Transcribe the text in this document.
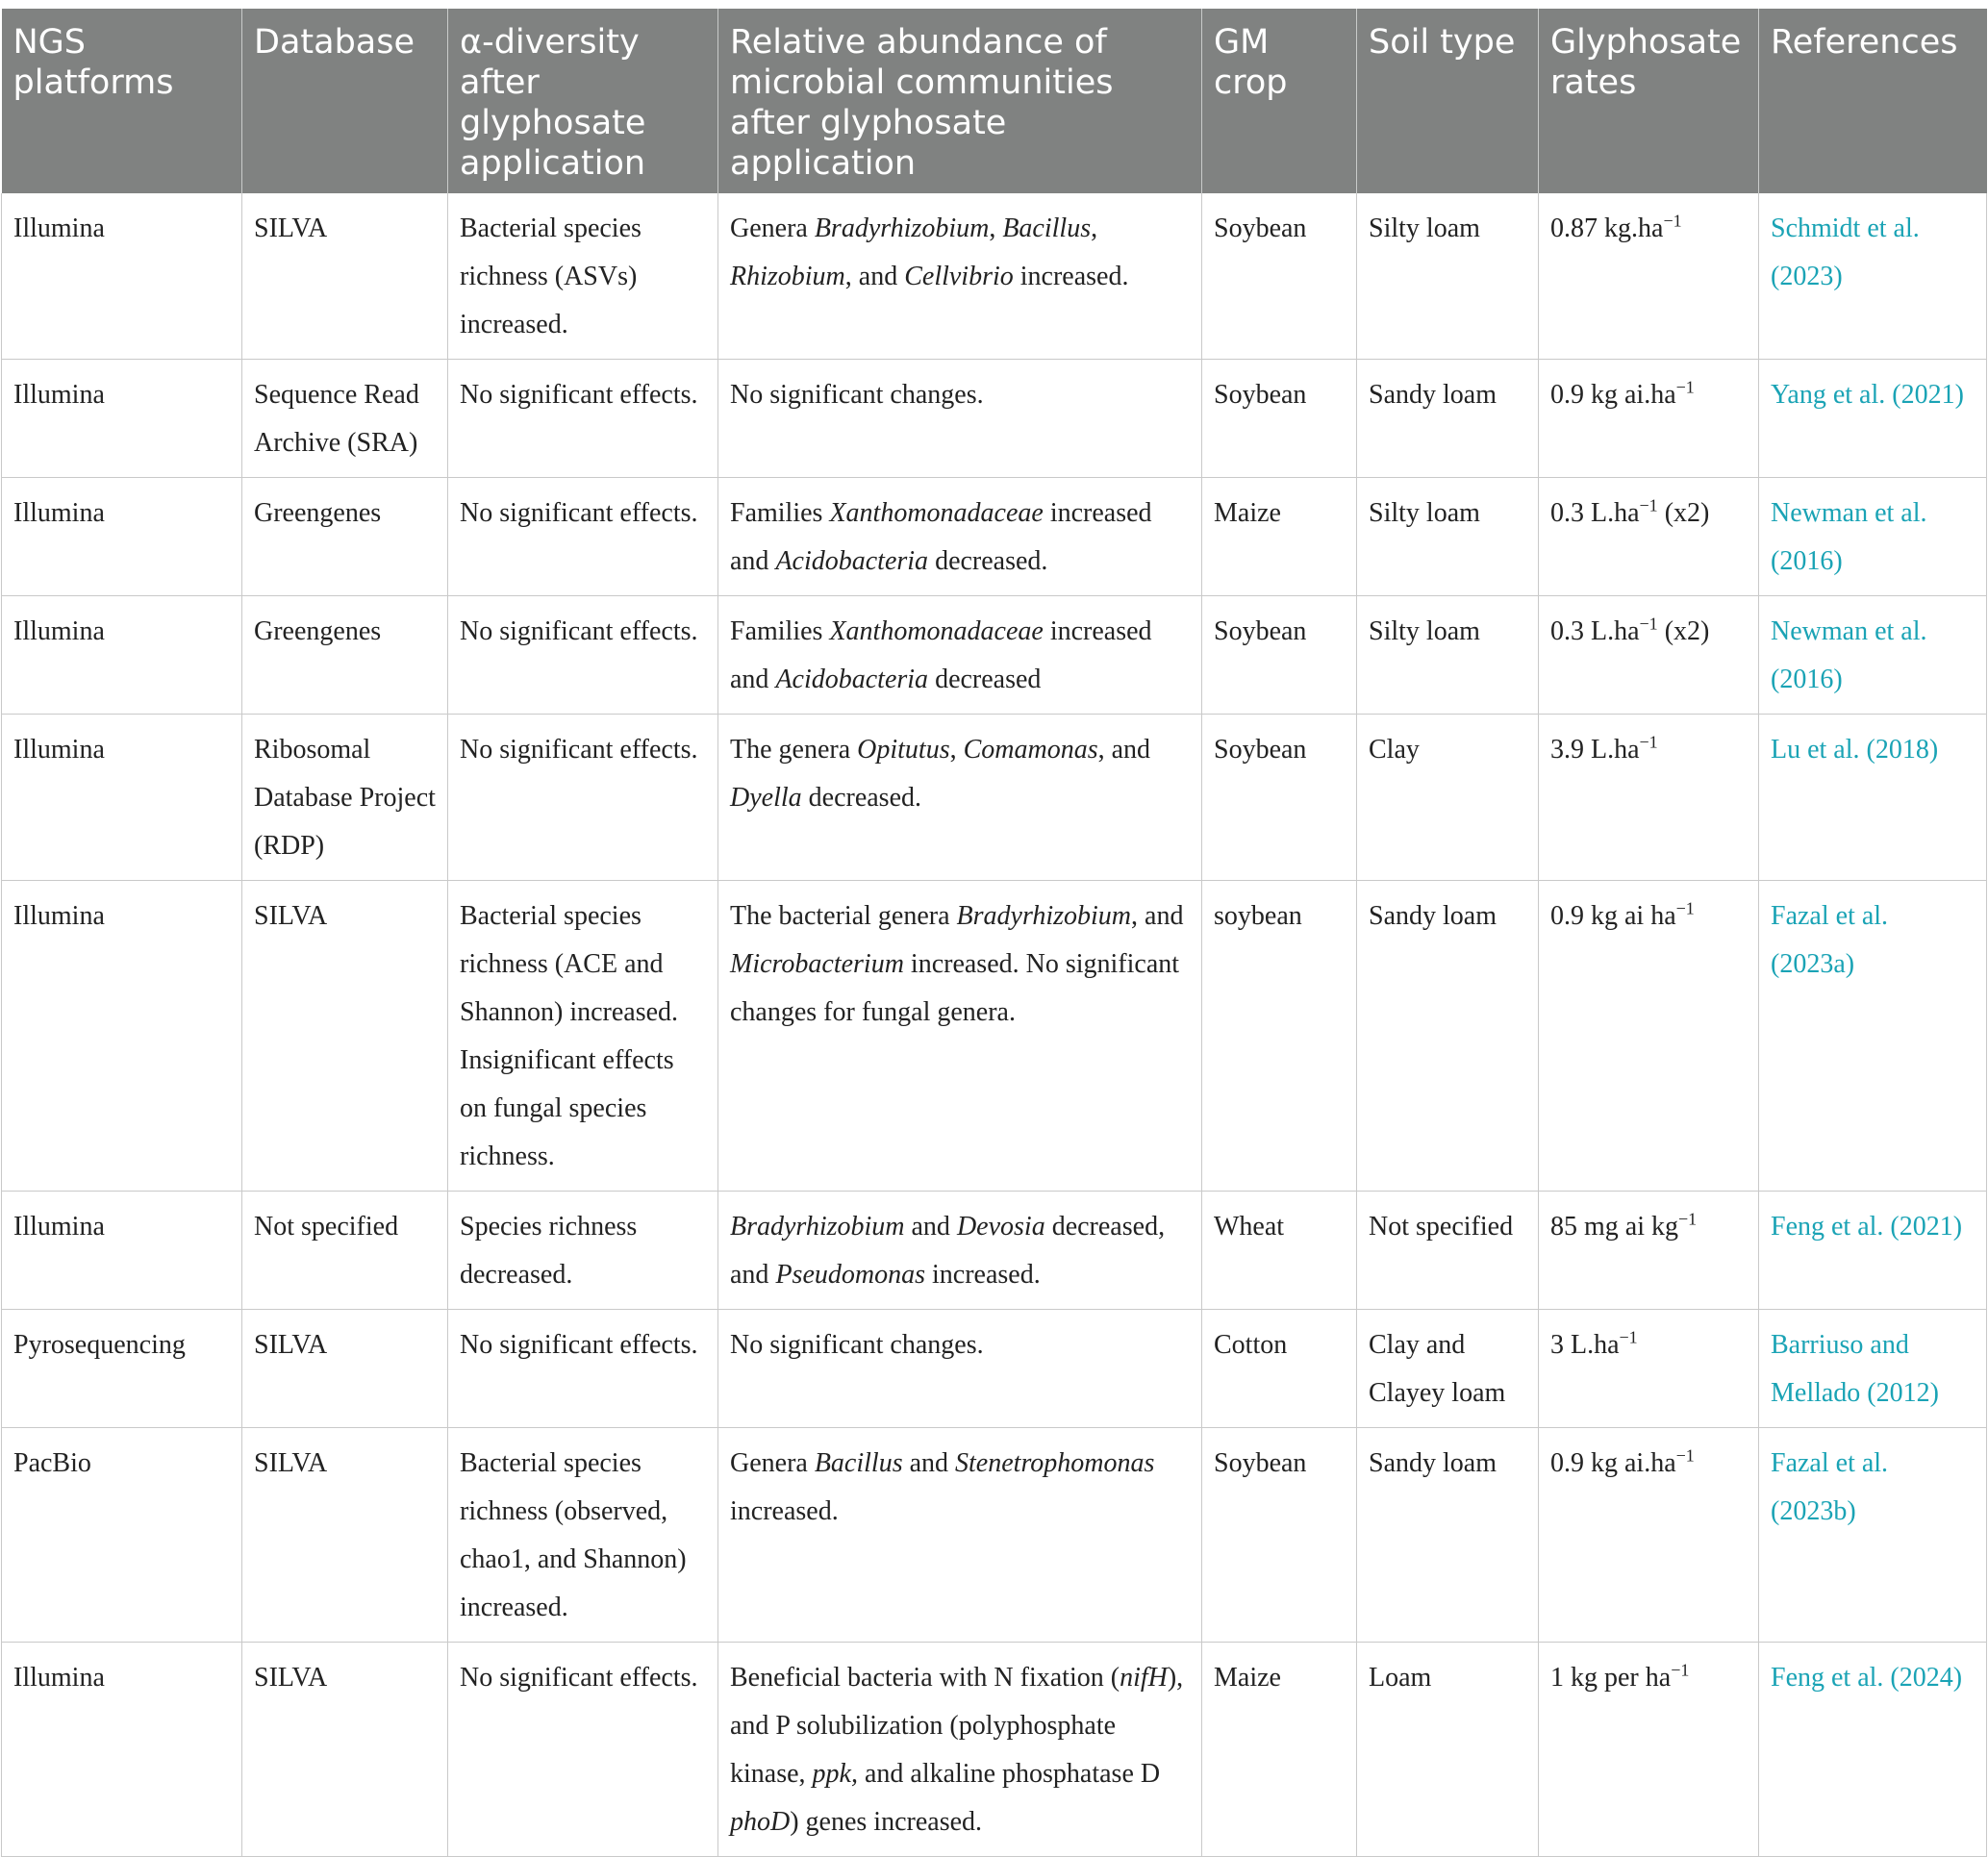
NGS platforms	Database	α-diversity after glyphosate application	Relative abundance of microbial communities after glyphosate application	GM crop	Soil type	Glyphosate rates	References
Illumina	SILVA	Bacterial species richness (ASVs) increased.	Genera Bradyrhizobium, Bacillus, Rhizobium, and Cellvibrio increased.	Soybean	Silty loam	0.87 $kg.ha^{-1}$	Schmidt et al. (2023)
Illumina	Sequence Read Archive (SRA)	No significant effects.	No significant changes.	Soybean	Sandy loam	0.9 kg $ai.ha^{-1}$	Yang et al. (2021)
Illumina	Greengenes	No significant effects.	Families Xanthomonadaceae increased and Acidobacteria decreased.	Maize	Silty loam	0.3 $L.ha^{-1}$ (x2)	Newman et al. (2016)
Illumina	Greengenes	No significant effects.	Families Xanthomonadaceae increased and Acidobacteria decreased	Soybean	Silty loam	0.3 $L.ha^{-1}$ (x2)	Newman et al. (2016)
Illumina	Ribosomal Database Project (RDP)	No significant effects.	The genera Opitutus, Comamonas, and Dyella decreased.	Soybean	Clay	3.9 $L.ha^{-1}$	Lu et al. (2018)
Illumina	SILVA	Bacterial species richness (ACE and Shannon) increased. Insignificant effects on fungal species richness.	The bacterial genera Bradyrhizobium, and Microbacterium increased. No significant changes for fungal genera.	soybean	Sandy loam	0.9 kg ai $ha^{-1}$	Fazal et al. (2023a)
Illumina	Not specified	Species richness decreased.	Bradyrhizobium and Devosia decreased, and Pseudomonas increased.	Wheat	Not specified	85 mg ai $kg^{-1}$	Feng et al. (2021)
Pyrosequencing	SILVA	No significant effects.	No significant changes.	Cotton	Clay and Clayey loam	3 $L.ha^{-1}$	Barriuso and Mellado (2012)
PacBio	SILVA	Bacterial species richness (observed, chao1, and Shannon) increased.	Genera Bacillus and Stenetrophomonas increased.	Soybean	Sandy loam	0.9 kg $ai.ha^{-1}$	Fazal et al. (2023b)
Illumina	SILVA	No significant effects.	Beneficial bacteria with N fixation (nifH), and P solubilization (polyphosphate kinase, ppk, and alkaline phosphatase D phoD) genes increased.	Maize	Loam	1 kg per $ha^{-1}$	Feng et al. (2024)
